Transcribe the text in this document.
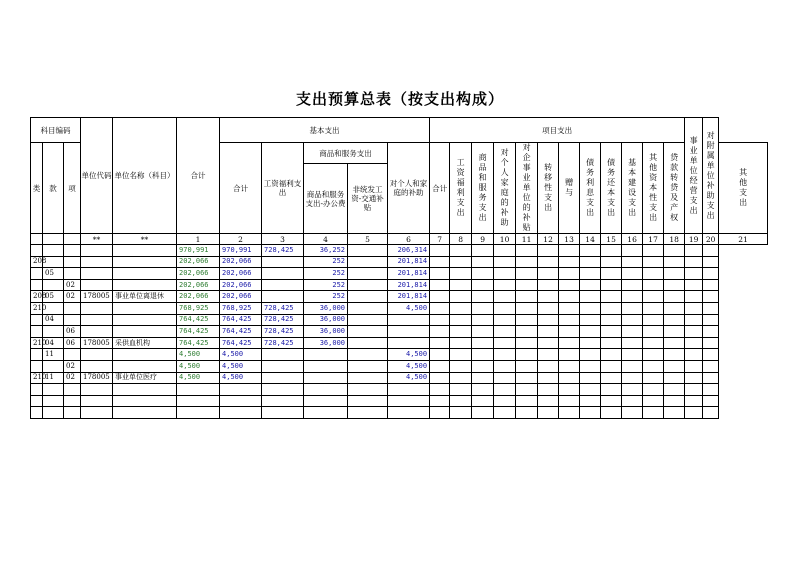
支出预算总表（按支出构成）
科目编码			单位代码	单位名称（科目）	合计	基本支出					项目支出												事业单位经营支出	对附属单位补助支出	

类	款	项				合计	工资福利支出	商品和服务支出		对个人和家庭的补助	合计	工资福利支出	商品和服务支出	对个人家庭的补助	对企事业单位的补贴	转移性支出	赠与	债务利息支出	债务还本支出	基本建设支出	其他资本性支出	贷款转贷及产权			其他支出

								商品和服务支出-办公费	非统发工资-交通补贴																
			**	**	1	2	3	4	5	6	7	8	9	10	11	12	13	14	15	16	17	18	19	20	21
					970,991	970,991	728,425	36,252		206,314															
208					202,066	202,066		252		201,814															
	05				202,066	202,066		252		201,814															
		02			202,066	202,066		252		201,814															
208	05	02	178005	事业单位离退休	202,066	202,066		252		201,814															
210					768,925	768,925	728,425	36,000		4,500															
	04				764,425	764,425	728,425	36,000																	
		06			764,425	764,425	728,425	36,000																	
210	04	06	178005	采供血机构	764,425	764,425	728,425	36,000																	
	11				4,500	4,500				4,500															
		02			4,500	4,500				4,500															
210	11	02	178005	事业单位医疗	4,500	4,500				4,500															
